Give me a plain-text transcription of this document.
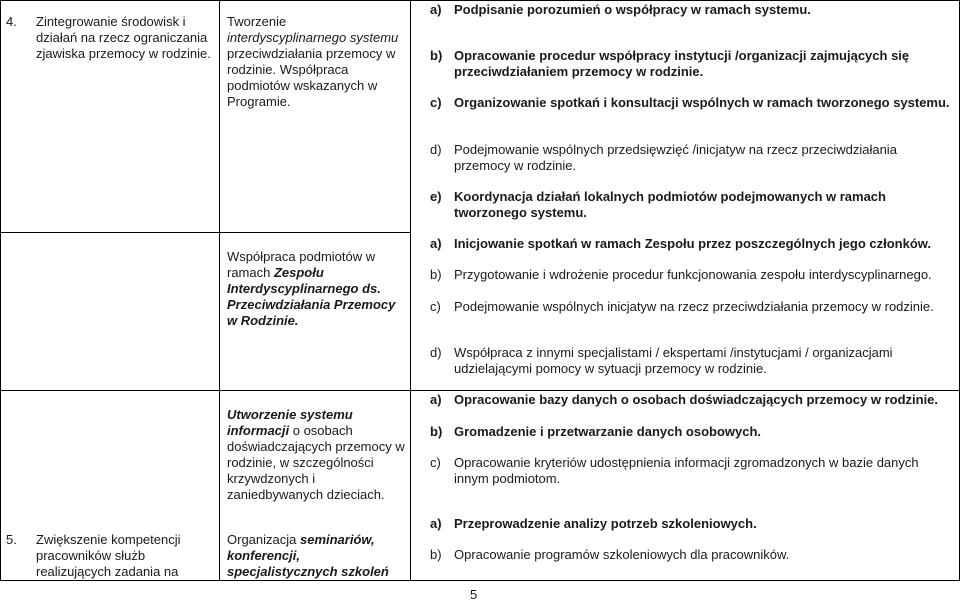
4. Zintegrowanie środowisk i działań na rzecz ograniczania zjawiska przemocy w rodzinie.

Tworzenie interdyscyplinarnego systemu przeciwdziałania przemocy w rodzinie. Współpraca podmiotów wskazanych w Programie.

a) Podpisanie porozumień o współpracy w ramach systemu.
b) Opracowanie procedur współpracy instytucji /organizacji zajmujących się przeciwdziałaniem przemocy w rodzinie.
c) Organizowanie spotkań i konsultacji wspólnych w ramach tworzonego systemu.
d) Podejmowanie wspólnych przedsięwzięć /inicjatyw na rzecz przeciwdziałania przemocy w rodzinie.
e) Koordynacja działań lokalnych podmiotów podejmowanych w ramach tworzonego systemu.

Współpraca podmiotów w ramach Zespołu Interdyscyplinarnego ds. Przeciwdziałania Przemocy w Rodzinie.

a) Inicjowanie spotkań w ramach Zespołu przez poszczególnych jego członków.
b) Przygotowanie i wdrożenie procedur funkcjonowania zespołu interdyscyplinarnego.
c)	Podejmowanie wspólnych inicjatyw na rzecz przeciwdziałania przemocy w rodzinie.
d) Współpraca z innymi specjalistami / ekspertami /instytucjami / organizacjami udzielającymi pomocy w sytuacji przemocy w rodzinie.

Utworzenie systemu informacji o osobach doświadczających przemocy w rodzinie, w szczególności krzywdzonych i zaniedbywanych dzieciach.

a) Opracowanie bazy danych o osobach doświadczających przemocy w rodzinie.
b) Gromadzenie i przetwarzanie danych osobowych.
c)	Opracowanie kryteriów udostępnienia informacji zgromadzonych w bazie danych innym podmiotom.

5. Zwiększenie kompetencji pracowników służb realizujących zadania na

Organizacja seminariów, konferencji, specjalistycznych szkoleń

a) Przeprowadzenie analizy potrzeb szkoleniowych.
b) Opracowanie programów szkoleniowych dla pracowników.

5
